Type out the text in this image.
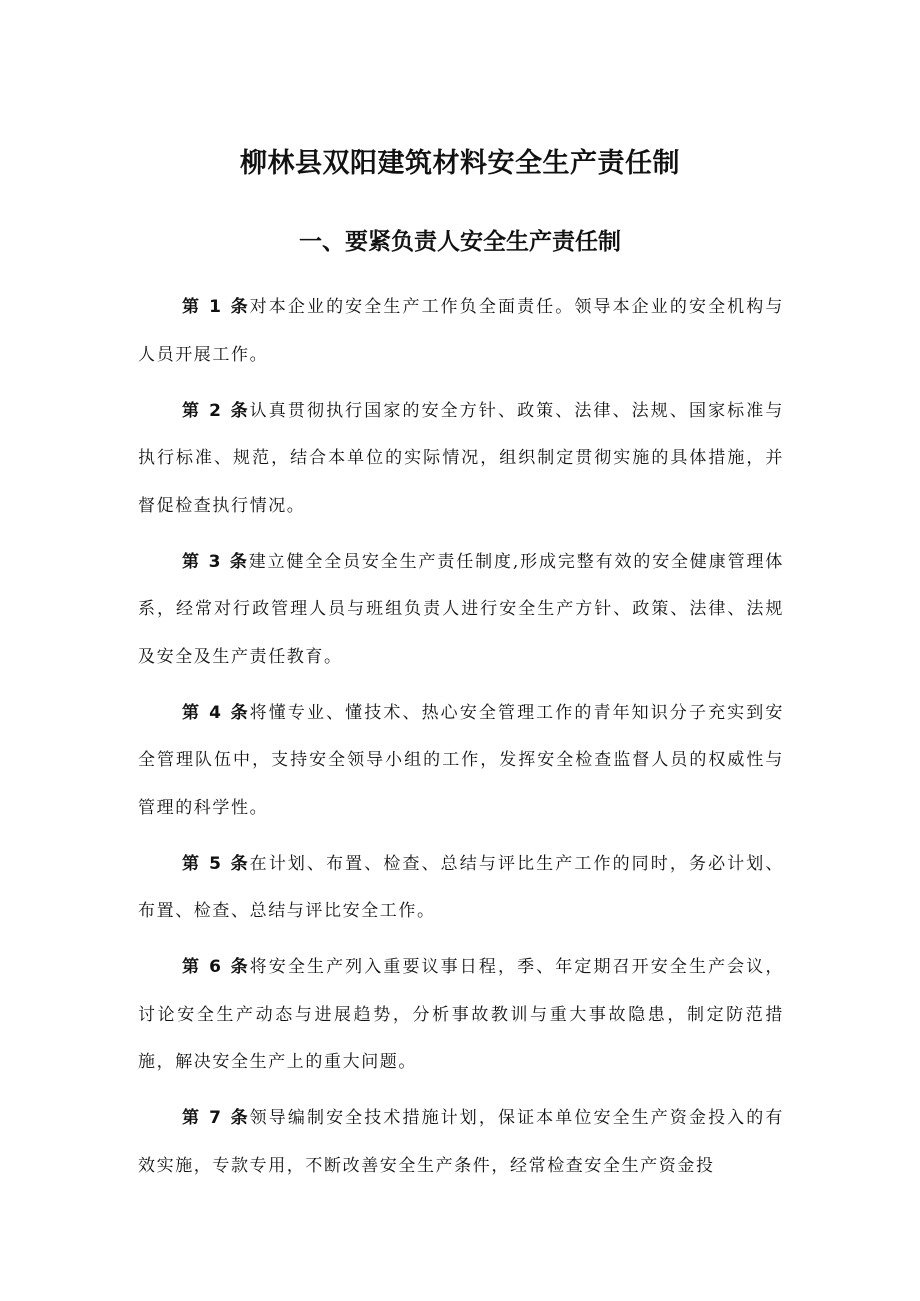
柳林县双阳建筑材料安全生产责任制
一、要紧负责人安全生产责任制

第 1 条对本企业的安全生产工作负全面责任。领导本企业的安全机构与人员开展工作。

第 2 条认真贯彻执行国家的安全方针、政策、法律、法规、国家标准与执行标准、规范，结合本单位的实际情况，组织制定贯彻实施的具体措施，并督促检查执行情况。

第 3 条建立健全全员安全生产责任制度,形成完整有效的安全健康管理体系，经常对行政管理人员与班组负责人进行安全生产方针、政策、法律、法规及安全及生产责任教育。

第 4 条将懂专业、懂技术、热心安全管理工作的青年知识分子充实到安全管理队伍中，支持安全领导小组的工作，发挥安全检查监督人员的权威性与管理的科学性。

第 5 条在计划、布置、检查、总结与评比生产工作的同时，务必计划、布置、检查、总结与评比安全工作。

第 6 条将安全生产列入重要议事日程，季、年定期召开安全生产会议，讨论安全生产动态与进展趋势，分析事故教训与重大事故隐患，制定防范措施，解决安全生产上的重大问题。

第 7 条领导编制安全技术措施计划，保证本单位安全生产资金投入的有效实施，专款专用，不断改善安全生产条件，经常检查安全生产资金投
